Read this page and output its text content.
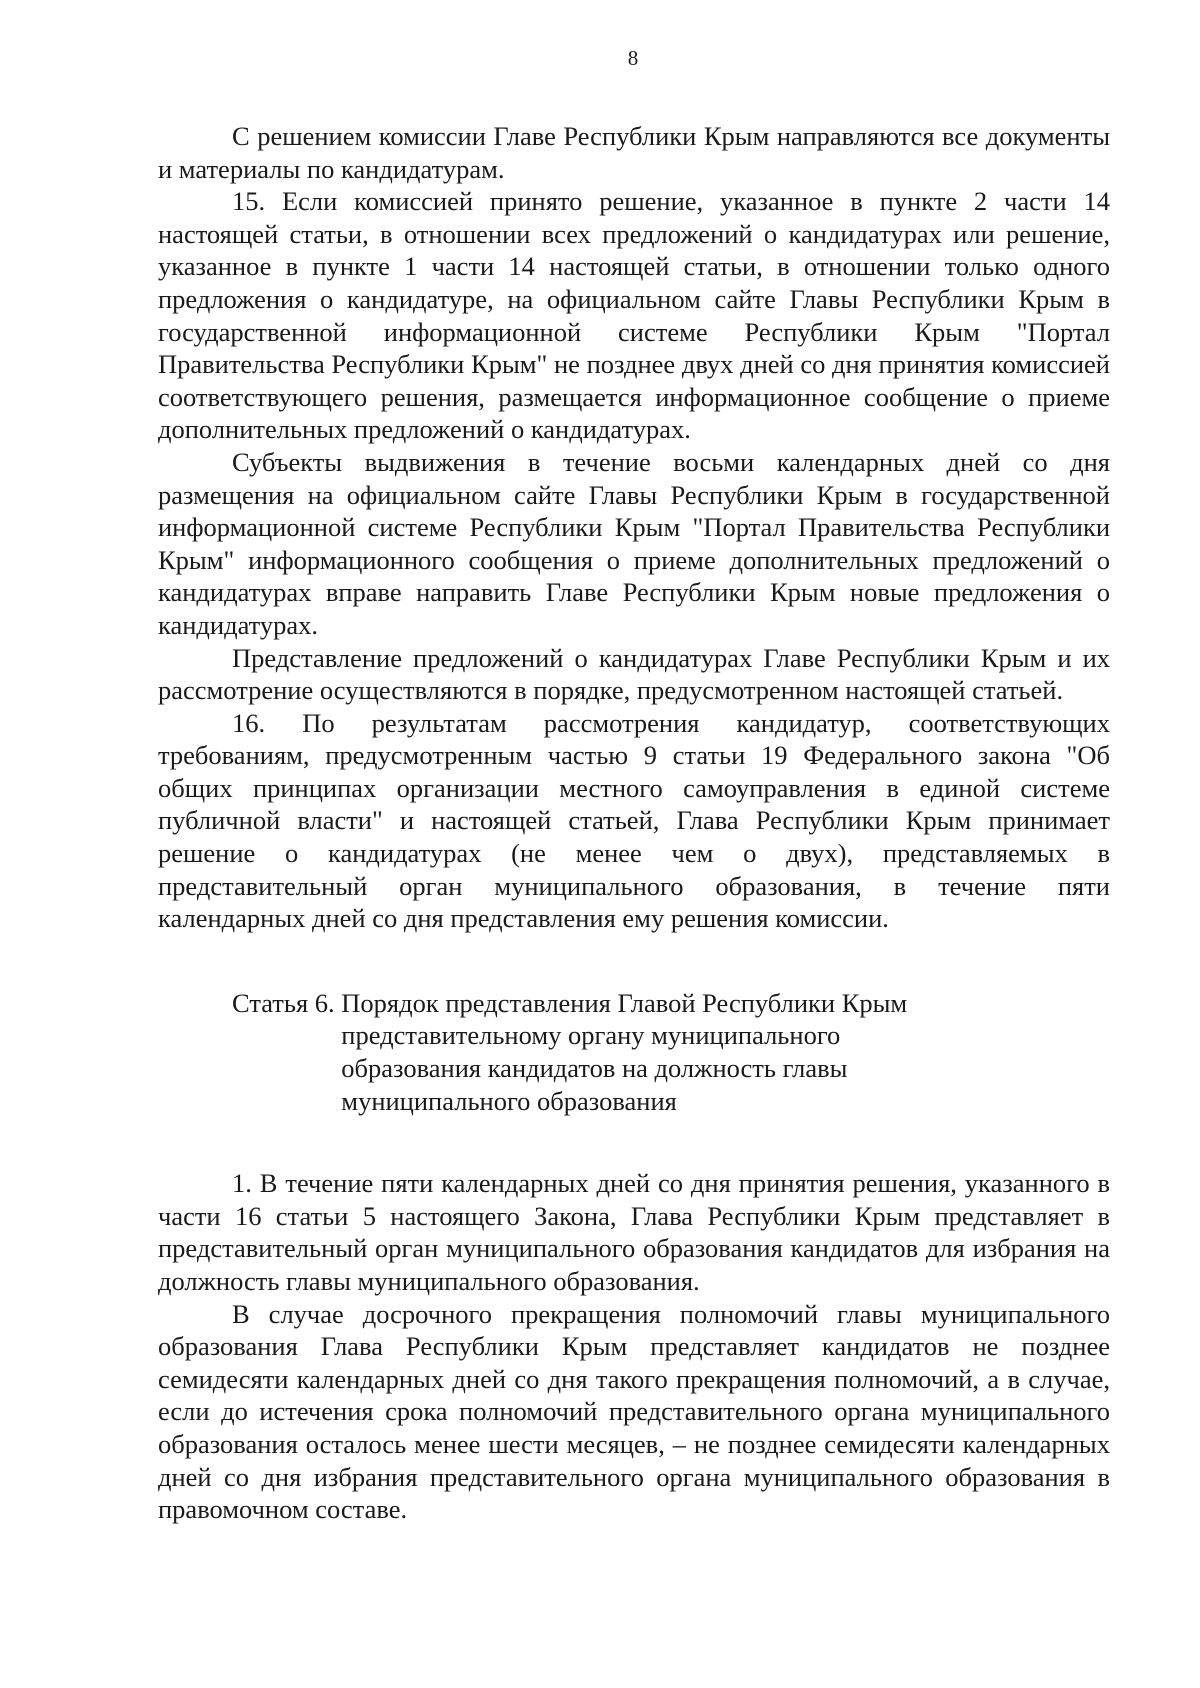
8

С решением комиссии Главе Республики Крым направляются все документы и материалы по кандидатурам.

15. Если комиссией принято решение, указанное в пункте 2 части 14 настоящей статьи, в отношении всех предложений о кандидатурах или решение, указанное в пункте 1 части 14 настоящей статьи, в отношении только одного предложения о кандидатуре, на официальном сайте Главы Республики Крым в государственной информационной системе Республики Крым "Портал Правительства Республики Крым" не позднее двух дней со дня принятия комиссией соответствующего решения, размещается информационное сообщение о приеме дополнительных предложений о кандидатурах.

Субъекты выдвижения в течение восьми календарных дней со дня размещения на официальном сайте Главы Республики Крым в государственной информационной системе Республики Крым "Портал Правительства Республики Крым" информационного сообщения о приеме дополнительных предложений о кандидатурах вправе направить Главе Республики Крым новые предложения о кандидатурах.

Представление предложений о кандидатурах Главе Республики Крым и их рассмотрение осуществляются в порядке, предусмотренном настоящей статьей.

16. По результатам рассмотрения кандидатур, соответствующих требованиям, предусмотренным частью 9 статьи 19 Федерального закона "Об общих принципах организации местного самоуправления в единой системе публичной власти" и настоящей статьей, Глава Республики Крым принимает решение о кандидатурах (не менее чем о двух), представляемых в представительный орган муниципального образования, в течение пяти календарных дней со дня представления ему решения комиссии.

Статья 6.
Порядок представления Главой Республики Крым представительному органу муниципального образования кандидатов на должность главы муниципального образования

1. В течение пяти календарных дней со дня принятия решения, указанного в части 16 статьи 5 настоящего Закона, Глава Республики Крым представляет в представительный орган муниципального образования кандидатов для избрания на должность главы муниципального образования.

В случае досрочного прекращения полномочий главы муниципального образования Глава Республики Крым представляет кандидатов не позднее семидесяти календарных дней со дня такого прекращения полномочий, а в случае, если до истечения срока полномочий представительного органа муниципального образования осталось менее шести месяцев, – не позднее семидесяти календарных дней со дня избрания представительного органа муниципального образования в правомочном составе.
